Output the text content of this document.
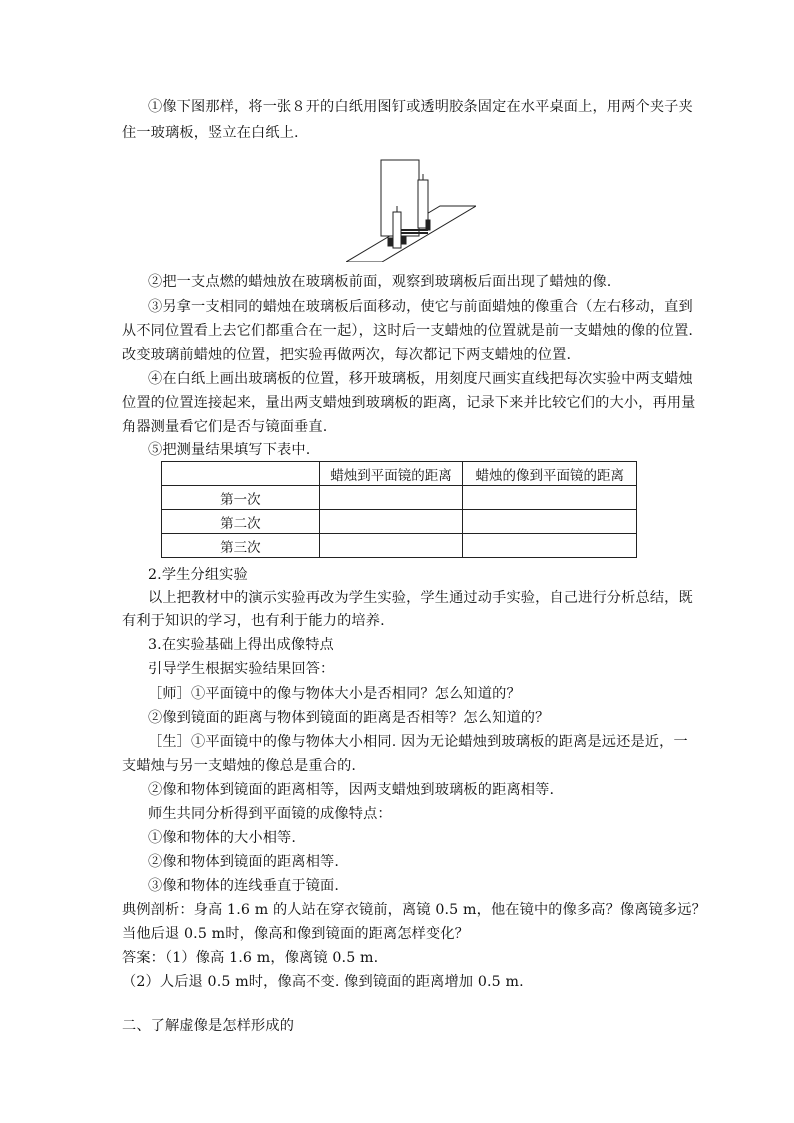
①像下图那样，将一张８开的白纸用图钉或透明胶条固定在水平桌面上，用两个夹子夹
住一玻璃板，竖立在白纸上.
②把一支点燃的蜡烛放在玻璃板前面，观察到玻璃板后面出现了蜡烛的像.
③另拿一支相同的蜡烛在玻璃板后面移动，使它与前面蜡烛的像重合（左右移动，直到
从不同位置看上去它们都重合在一起），这时后一支蜡烛的位置就是前一支蜡烛的像的位置.
改变玻璃前蜡烛的位置，把实验再做两次，每次都记下两支蜡烛的位置.
④在白纸上画出玻璃板的位置，移开玻璃板，用刻度尺画实直线把每次实验中两支蜡烛
位置的位置连接起来，量出两支蜡烛到玻璃板的距离，记录下来并比较它们的大小，再用量
角器测量看它们是否与镜面垂直.
⑤把测量结果填写下表中.
	蜡烛到平面镜的距离	蜡烛的像到平面镜的距离
第一次		
第二次		
第三次		
2.学生分组实验
以上把教材中的演示实验再改为学生实验，学生通过动手实验，自己进行分析总结，既
有利于知识的学习，也有利于能力的培养.
3.在实验基础上得出成像特点
引导学生根据实验结果回答：
［师］①平面镜中的像与物体大小是否相同？怎么知道的？
②像到镜面的距离与物体到镜面的距离是否相等？怎么知道的？
［生］①平面镜中的像与物体大小相同. 因为无论蜡烛到玻璃板的距离是远还是近，一
支蜡烛与另一支蜡烛的像总是重合的.
②像和物体到镜面的距离相等，因两支蜡烛到玻璃板的距离相等.
师生共同分析得到平面镜的成像特点：
①像和物体的大小相等.
②像和物体到镜面的距离相等.
③像和物体的连线垂直于镜面.
典例剖析：身高 1.6 m 的人站在穿衣镜前，离镜 0.5 m，他在镜中的像多高？像离镜多远？
当他后退 0.5 m时，像高和像到镜面的距离怎样变化？
答案：（1）像高 1.6 m，像离镜 0.5 m.
（2）人后退 0.5 m时，像高不变. 像到镜面的距离增加 0.5 m.
二、了解虚像是怎样形成的
